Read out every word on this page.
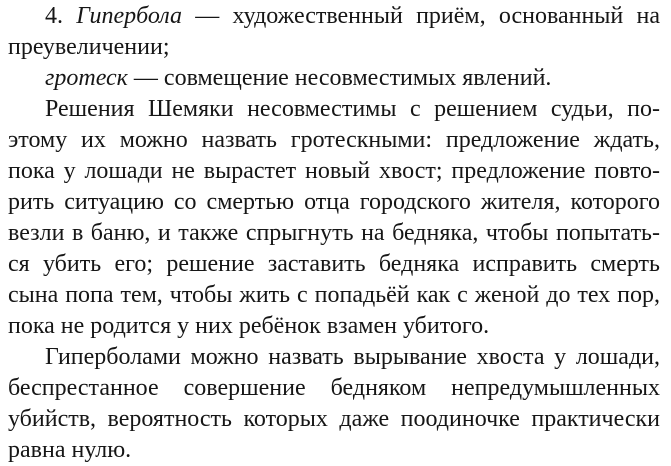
4. Гипербола — художественный приём, основанный на
преувеличении;
гротеск — совмещение несовместимых явлений.
Решения Шемяки несовместимы с решением судьи, по-
этому их можно назвать гротескными: предложение ждать,
пока у лошади не вырастет новый хвост; предложение повто-
рить ситуацию со смертью отца городского жителя, которого
везли в баню, и также спрыгнуть на бедняка, чтобы попытать-
ся убить его; решение заставить бедняка исправить смерть
сына попа тем, чтобы жить с попадьёй как с женой до тех пор,
пока не родится у них ребёнок взамен убитого.
Гиперболами можно назвать вырывание хвоста у лошади,
беспрестанное совершение бедняком непредумышленных
убийств, вероятность которых даже поодиночке практически
равна нулю.
